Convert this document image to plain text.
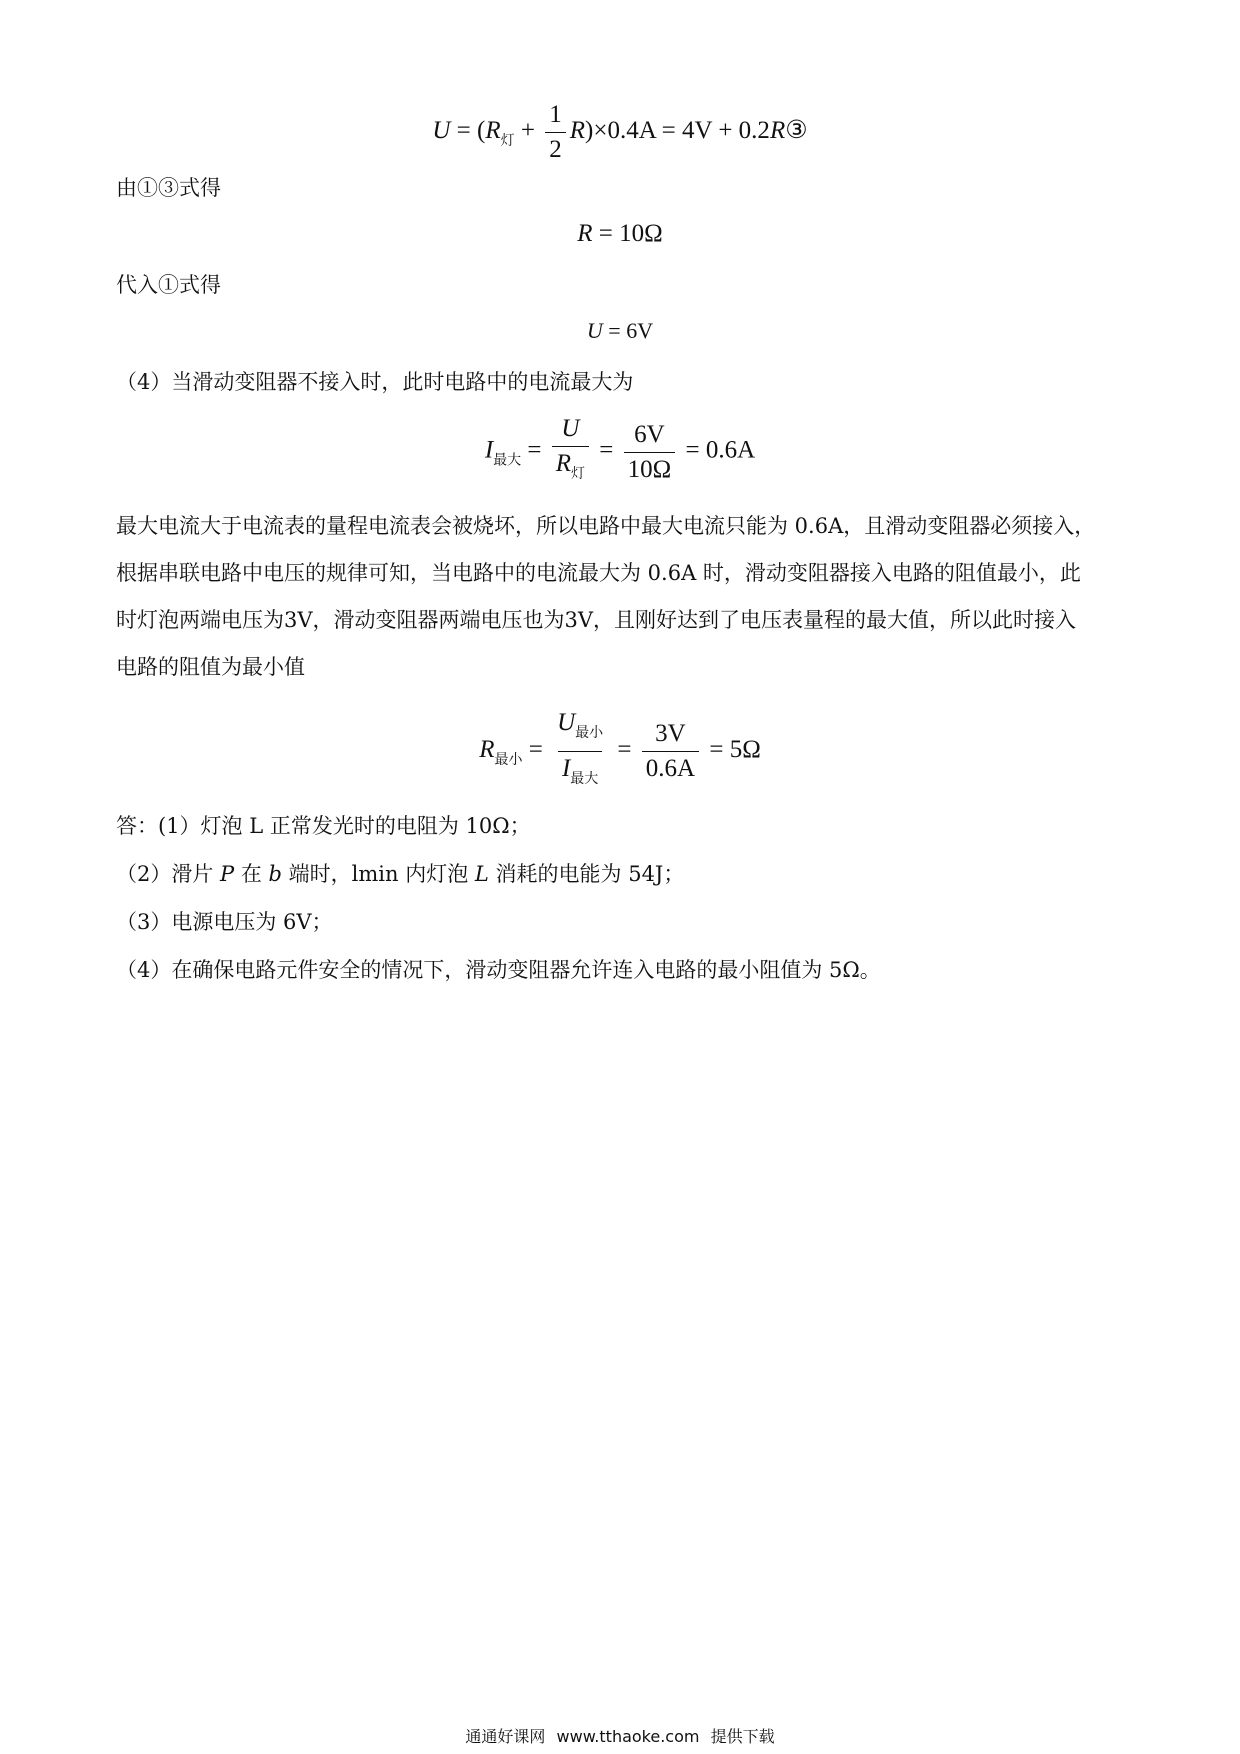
$U = (R_灯 + \frac{1}{2} R)\times 0.4A = 4V$ + 0.2R③
由①③式得
R = 10Ω
代入①式得
U = 6V
（4）当滑动变阻器不接入时，此时电路中的电流最大为
$I_{最大} = \frac{U}{R_灯} = \frac{6V}{10\Omega} = 0.6A$
最大电流大于电流表的量程电流表会被烧坏，所以电路中最大电流只能为 0.6A，且滑动变阻器必须接入，
根据串联电路中电压的规律可知，当电路中的电流最大为 0.6A 时，滑动变阻器接入电路的阻值最小，此
时灯泡两端电压为3V，滑动变阻器两端电压也为3V，且刚好达到了电压表量程的最大值，所以此时接入
电路的阻值为最小值
$R_{最小} = \frac{U_{最小}}{I_{最大}} = \frac{3V}{0.6A} = 5\Omega$
答：(1）灯泡 L 正常发光时的电阻为 10Ω；
（2）滑片 P 在 b 端时，lmin 内灯泡 L 消耗的电能为 54J；
（3）电源电压为 6V；
（4）在确保电路元件安全的情况下，滑动变阻器允许连入电路的最小阻值为 5Ω。
通通好课网 www.tthaoke.com 提供下载
